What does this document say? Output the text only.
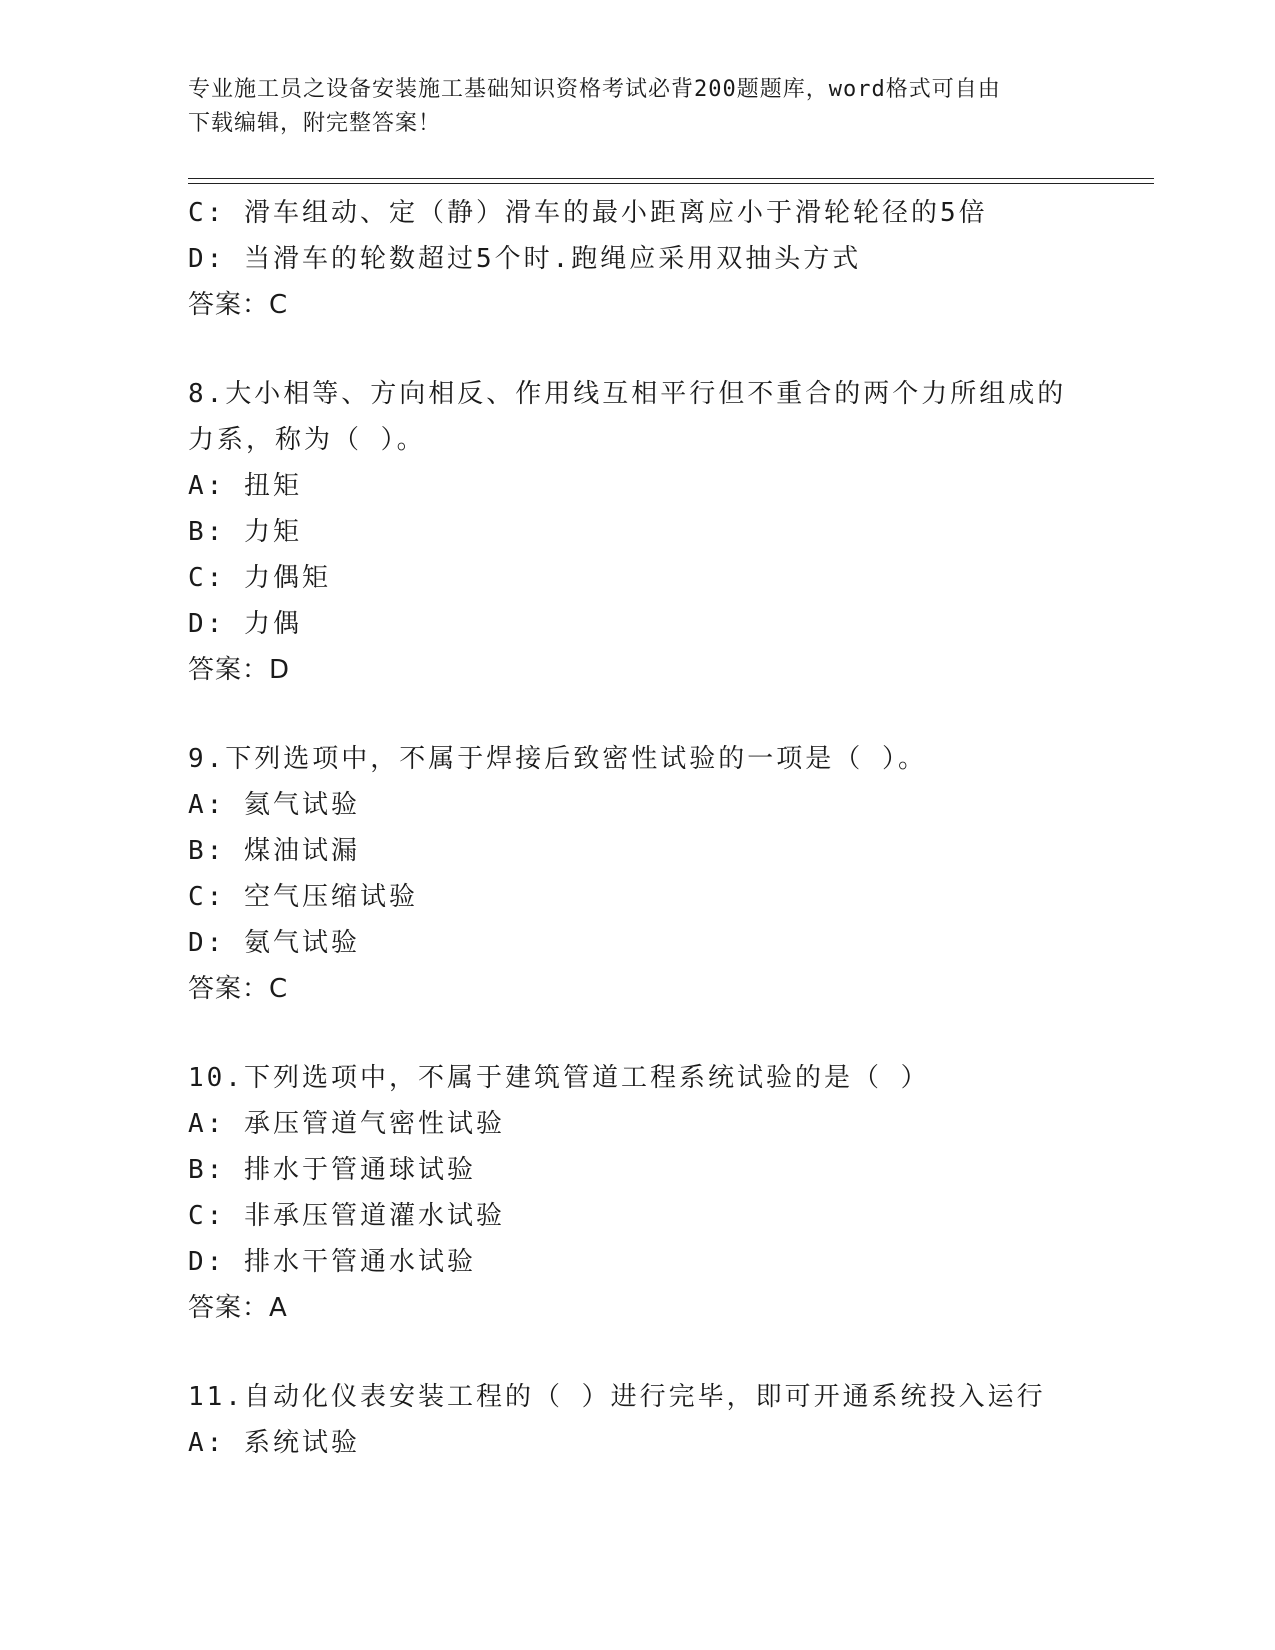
专业施工员之设备安装施工基础知识资格考试必背200题题库，word格式可自由
下载编辑，附完整答案！
C: 滑车组动、定（静）滑车的最小距离应小于滑轮轮径的5倍
D: 当滑车的轮数超过5个时.跑绳应采用双抽头方式
答案：C
8.大小相等、方向相反、作用线互相平行但不重合的两个力所组成的
力系，称为（ ）。
A: 扭矩
B: 力矩
C: 力偶矩
D: 力偶
答案：D
9.下列选项中，不属于焊接后致密性试验的一项是（ ）。
A: 氦气试验
B: 煤油试漏
C: 空气压缩试验
D: 氨气试验
答案：C
10.下列选项中，不属于建筑管道工程系统试验的是（ ）
A: 承压管道气密性试验
B: 排水于管通球试验
C: 非承压管道灌水试验
D: 排水干管通水试验
答案：A
11.自动化仪表安装工程的（ ）进行完毕，即可开通系统投入运行
A: 系统试验
